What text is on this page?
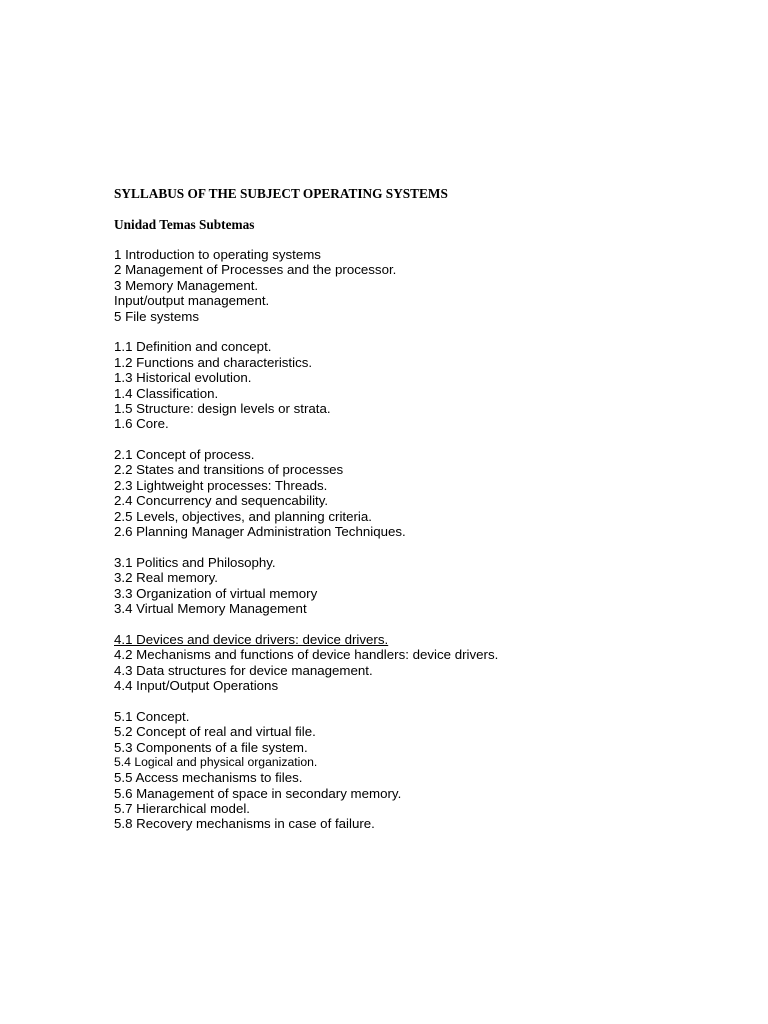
SYLLABUS OF THE SUBJECT OPERATING SYSTEMS
Unidad Temas Subtemas
1 Introduction to operating systems
2 Management of Processes and the processor.
3 Memory Management.
Input/output management.
5 File systems
1.1 Definition and concept.
1.2 Functions and characteristics.
1.3 Historical evolution.
1.4 Classification.
1.5 Structure: design levels or strata.
1.6 Core.
2.1 Concept of process.
2.2 States and transitions of processes
2.3 Lightweight processes: Threads.
2.4 Concurrency and sequencability.
2.5 Levels, objectives, and planning criteria.
2.6 Planning Manager Administration Techniques.
3.1 Politics and Philosophy.
3.2 Real memory.
3.3 Organization of virtual memory
3.4 Virtual Memory Management
4.1 Devices and device drivers: device drivers.
4.2 Mechanisms and functions of device handlers: device drivers.
4.3 Data structures for device management.
4.4 Input/Output Operations
5.1 Concept.
5.2 Concept of real and virtual file.
5.3 Components of a file system.
5.4 Logical and physical organization.
5.5 Access mechanisms to files.
5.6 Management of space in secondary memory.
5.7 Hierarchical model.
5.8 Recovery mechanisms in case of failure.
